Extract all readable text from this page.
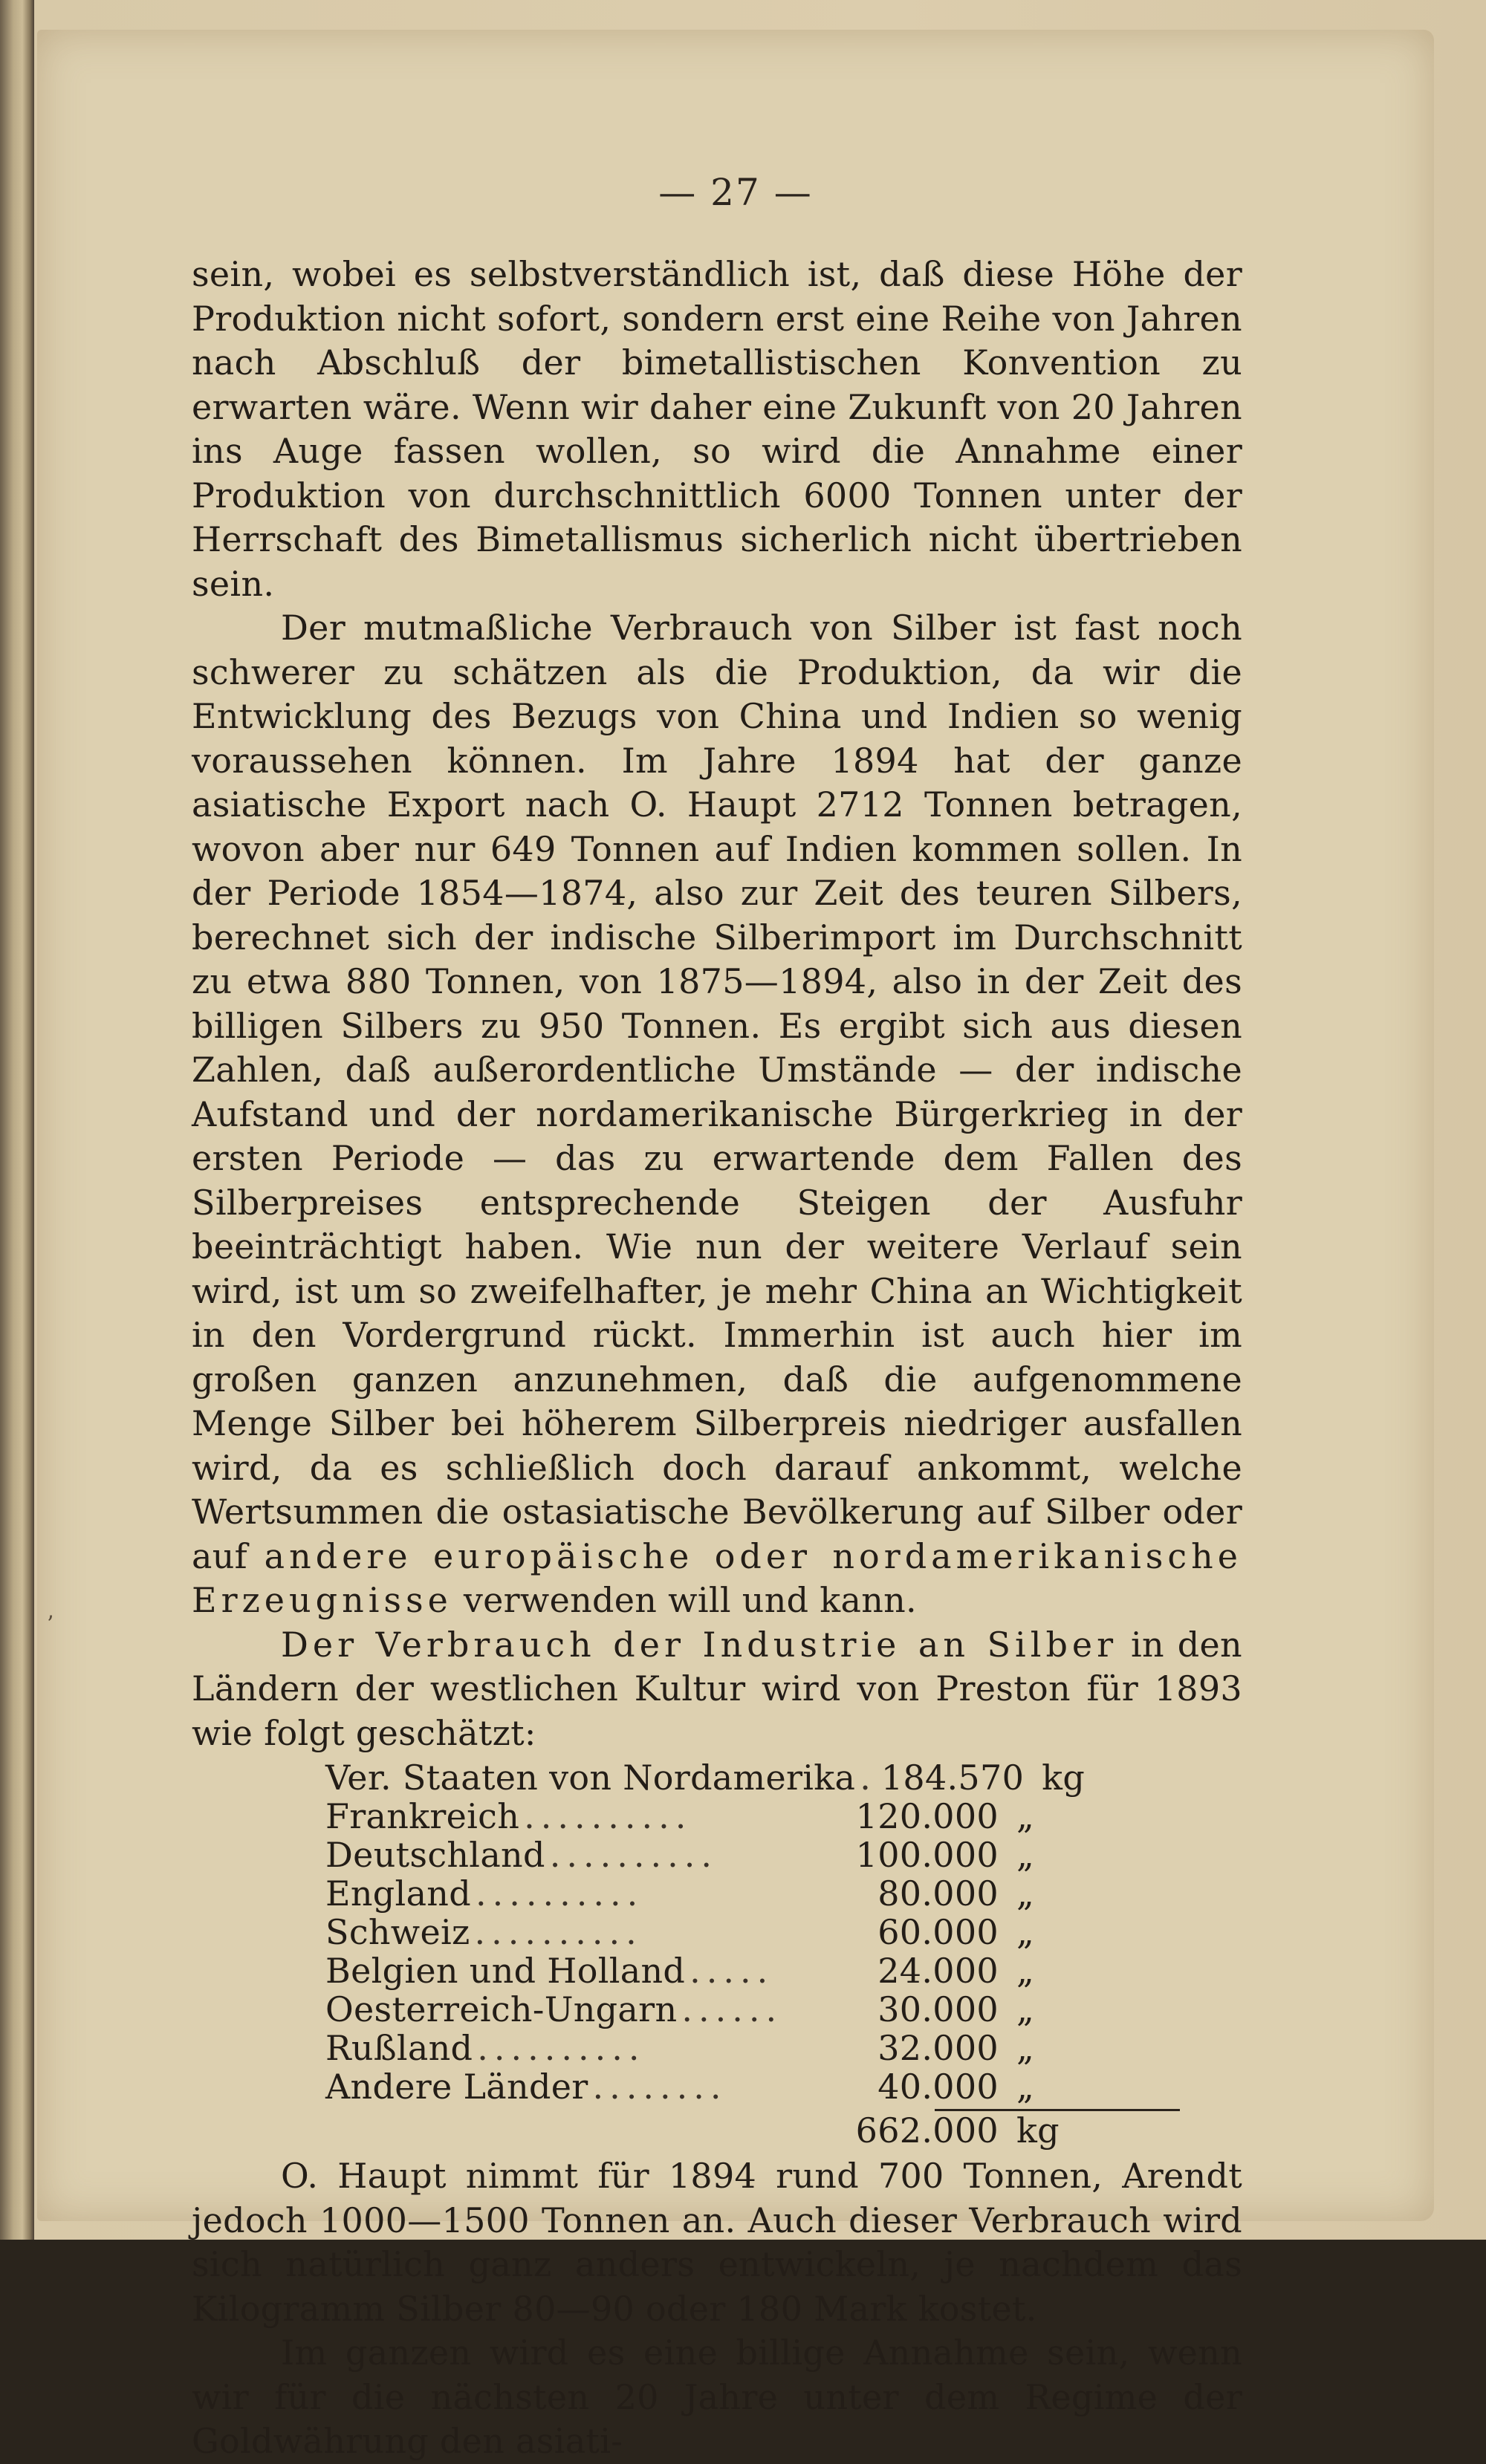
— 27 —
ʼ

sein, wobei es selbstverständlich ist, daß diese Höhe der Produktion nicht sofort, sondern erst eine Reihe von Jahren nach Abschluß der bimetallistischen Konvention zu erwarten wäre. Wenn wir daher eine Zukunft von 20 Jahren ins Auge fassen wollen, so wird die Annahme einer Produktion von durchschnittlich 6000 Tonnen unter der Herrschaft des Bimetallismus sicherlich nicht übertrieben sein.

Der mutmaßliche Verbrauch von Silber ist fast noch schwerer zu schätzen als die Produktion, da wir die Entwicklung des Bezugs von China und Indien so wenig voraussehen können. Im Jahre 1894 hat der ganze asiatische Export nach O. Haupt 2712 Tonnen betragen, wovon aber nur 649 Tonnen auf Indien kommen sollen. In der Periode 1854—1874, also zur Zeit des teuren Silbers, berechnet sich der indische Silberimport im Durchschnitt zu etwa 880 Tonnen, von 1875—1894, also in der Zeit des billigen Silbers zu 950 Tonnen. Es ergibt sich aus diesen Zahlen, daß außerordentliche Umstände — der indische Aufstand und der nordamerikanische Bürgerkrieg in der ersten Periode — das zu erwartende dem Fallen des Silberpreises entsprechende Steigen der Ausfuhr beeinträchtigt haben. Wie nun der weitere Verlauf sein wird, ist um so zweifelhafter, je mehr China an Wichtigkeit in den Vordergrund rückt. Immerhin ist auch hier im großen ganzen anzunehmen, daß die aufgenommene Menge Silber bei höherem Silberpreis niedriger ausfallen wird, da es schließlich doch darauf ankommt, welche Wertsummen die ostasiatische Bevölkerung auf Silber oder auf andere europäische oder nordamerikanische Erzeugnisse verwenden will und kann.

Der Verbrauch der Industrie an Silber in den Ländern der westlichen Kultur wird von Preston für 1893 wie folgt geschätzt:

Ver. Staaten von Nordamerika . 184.570 kg
Frankreich ..........	120.000 „
Deutschland ..........	100.000 „
England ..........	80.000 „
Schweiz ..........	60.000 „
Belgien und Holland .....	24.000 „
Oesterreich-Ungarn ......	30.000 „
Rußland ..........	32.000 „
Andere Länder ........	40.000 „
662.000 kg

O. Haupt nimmt für 1894 rund 700 Tonnen, Arendt jedoch 1000—1500 Tonnen an. Auch dieser Verbrauch wird sich natürlich ganz anders entwickeln, je nachdem das Kilogramm Silber 80—90 oder 180 Mark kostet.

Im ganzen wird es eine billige Annahme sein, wenn wir für die nächsten 20 Jahre unter dem Regime der Goldwährung den asiati-
